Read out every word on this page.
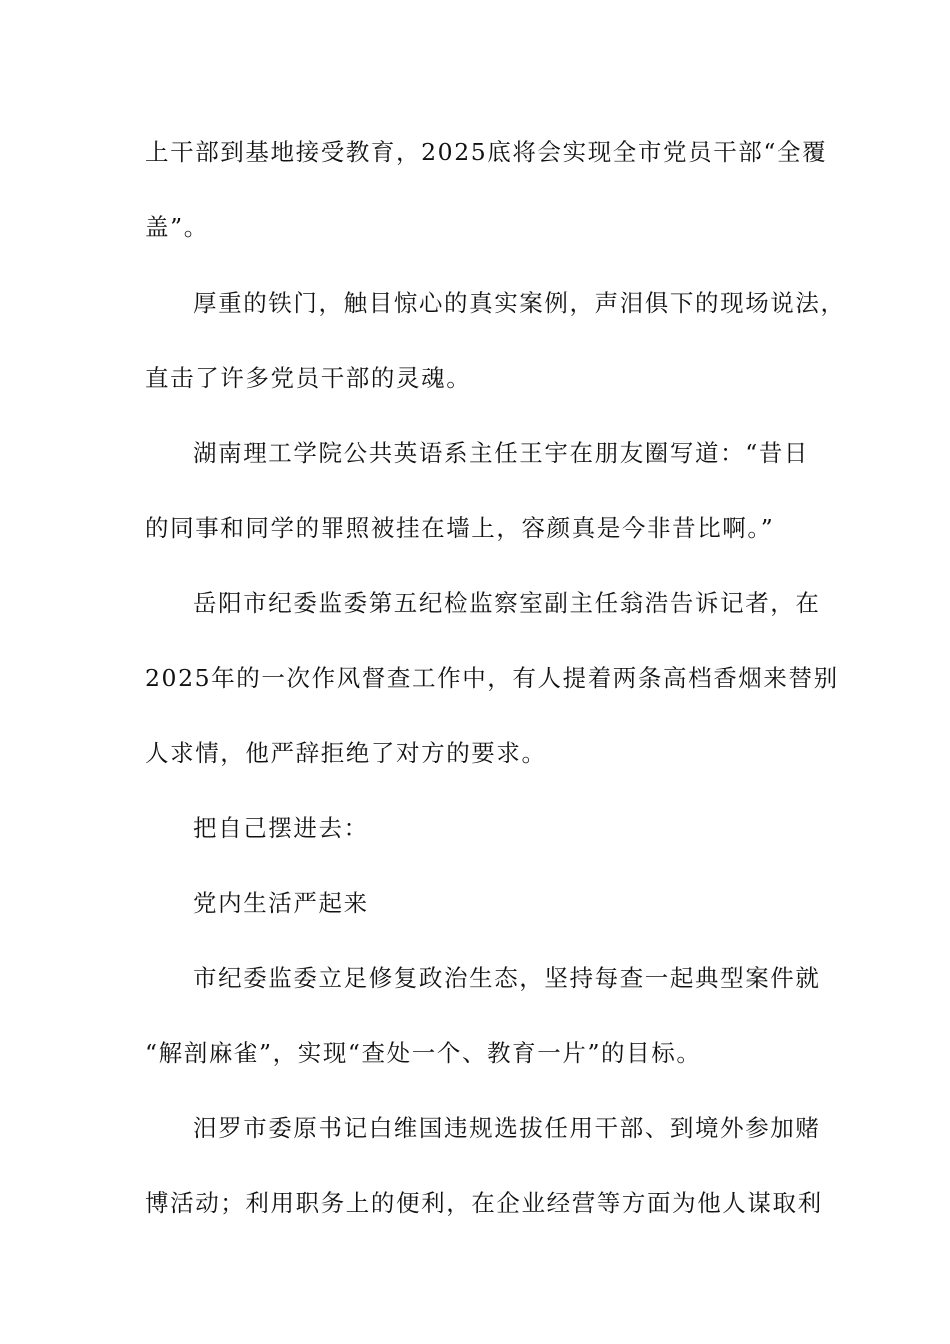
上干部到基地接受教育，2025底将会实现全市党员干部“全覆
盖”。
厚重的铁门，触目惊心的真实案例，声泪俱下的现场说法，
直击了许多党员干部的灵魂。
湖南理工学院公共英语系主任王宇在朋友圈写道：“昔日
的同事和同学的罪照被挂在墙上，容颜真是今非昔比啊。”
岳阳市纪委监委第五纪检监察室副主任翁浩告诉记者，在
2025年的一次作风督查工作中，有人提着两条高档香烟来替别
人求情，他严辞拒绝了对方的要求。
把自己摆进去：
党内生活严起来
市纪委监委立足修复政治生态，坚持每查一起典型案件就
“解剖麻雀”，实现“查处一个、教育一片”的目标。
汨罗市委原书记白维国违规选拔任用干部、到境外参加赌
博活动；利用职务上的便利，在企业经营等方面为他人谋取利
